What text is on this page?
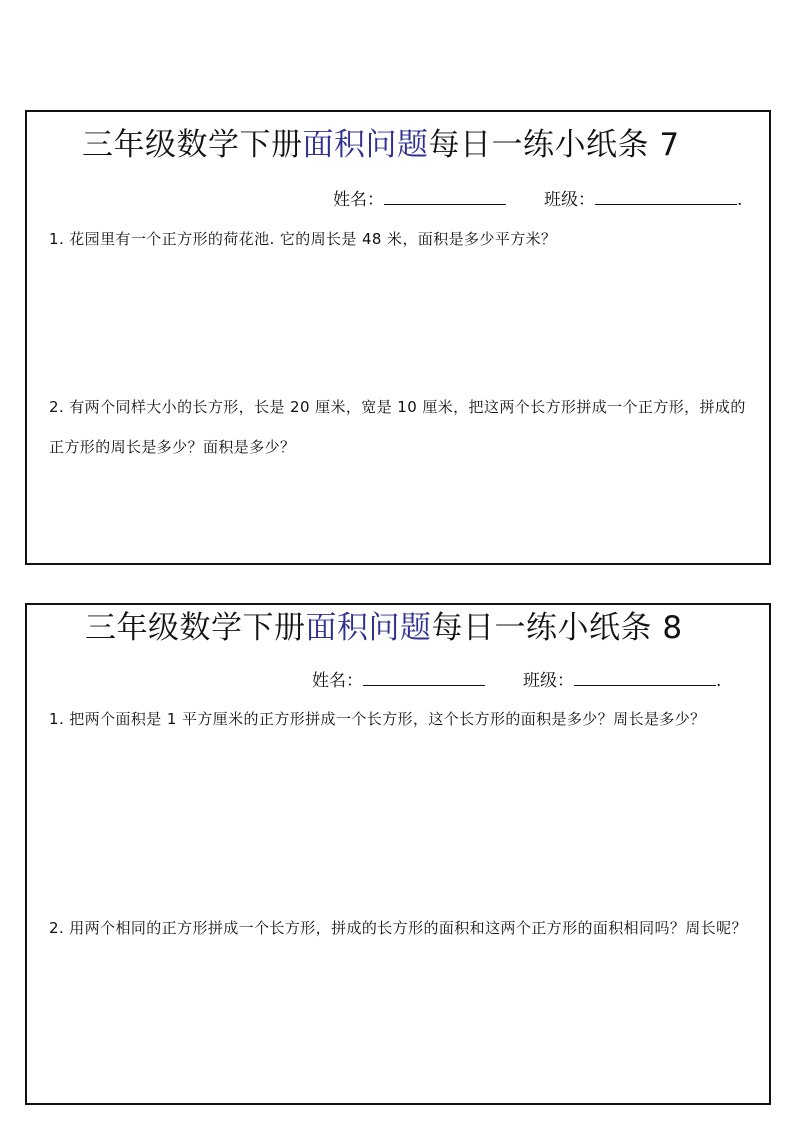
三年级数学下册面积问题每日一练小纸条 7
姓名：	班级：	.
1. 花园里有一个正方形的荷花池. 它的周长是 48 米，面积是多少平方米？
2. 有两个同样大小的长方形，长是 20 厘米，宽是 10 厘米，把这两个长方形拼成一个正方形，拼成的正方形的周长是多少？面积是多少？
三年级数学下册面积问题每日一练小纸条 8
姓名：	班级：	.
1. 把两个面积是 1 平方厘米的正方形拼成一个长方形，这个长方形的面积是多少？周长是多少？
2. 用两个相同的正方形拼成一个长方形，拼成的长方形的面积和这两个正方形的面积相同吗？周长呢？
